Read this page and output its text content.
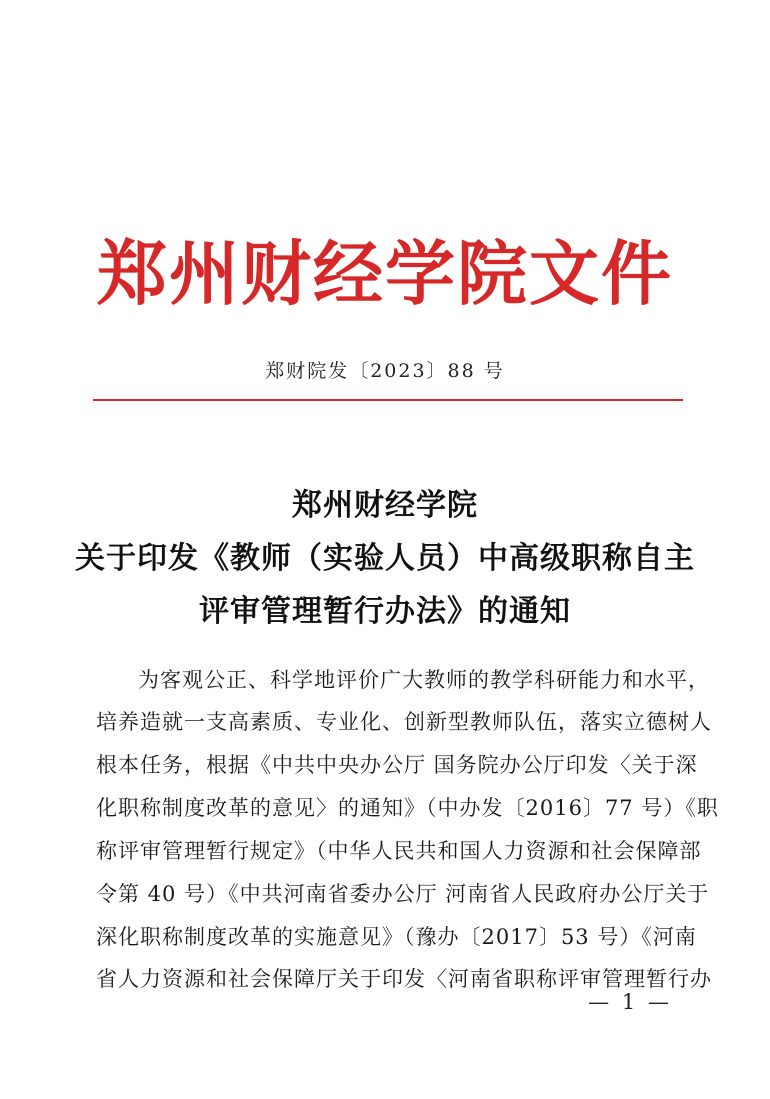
郑州财经学院文件
郑财院发〔2023〕88 号
郑州财经学院
关于印发《教师（实验人员）中高级职称自主
评审管理暂行办法》的通知
为客观公正、科学地评价广大教师的教学科研能力和水平，
培养造就一支高素质、专业化、创新型教师队伍，落实立德树人
根本任务，根据《中共中央办公厅 国务院办公厅印发〈关于深
化职称制度改革的意见〉的通知》（中办发〔2016〕77 号）《职
称评审管理暂行规定》（中华人民共和国人力资源和社会保障部
令第 40 号）《中共河南省委办公厅 河南省人民政府办公厅关于
深化职称制度改革的实施意见》（豫办〔2017〕53 号）《河南
省人力资源和社会保障厅关于印发〈河南省职称评审管理暂行办
— 1 —
